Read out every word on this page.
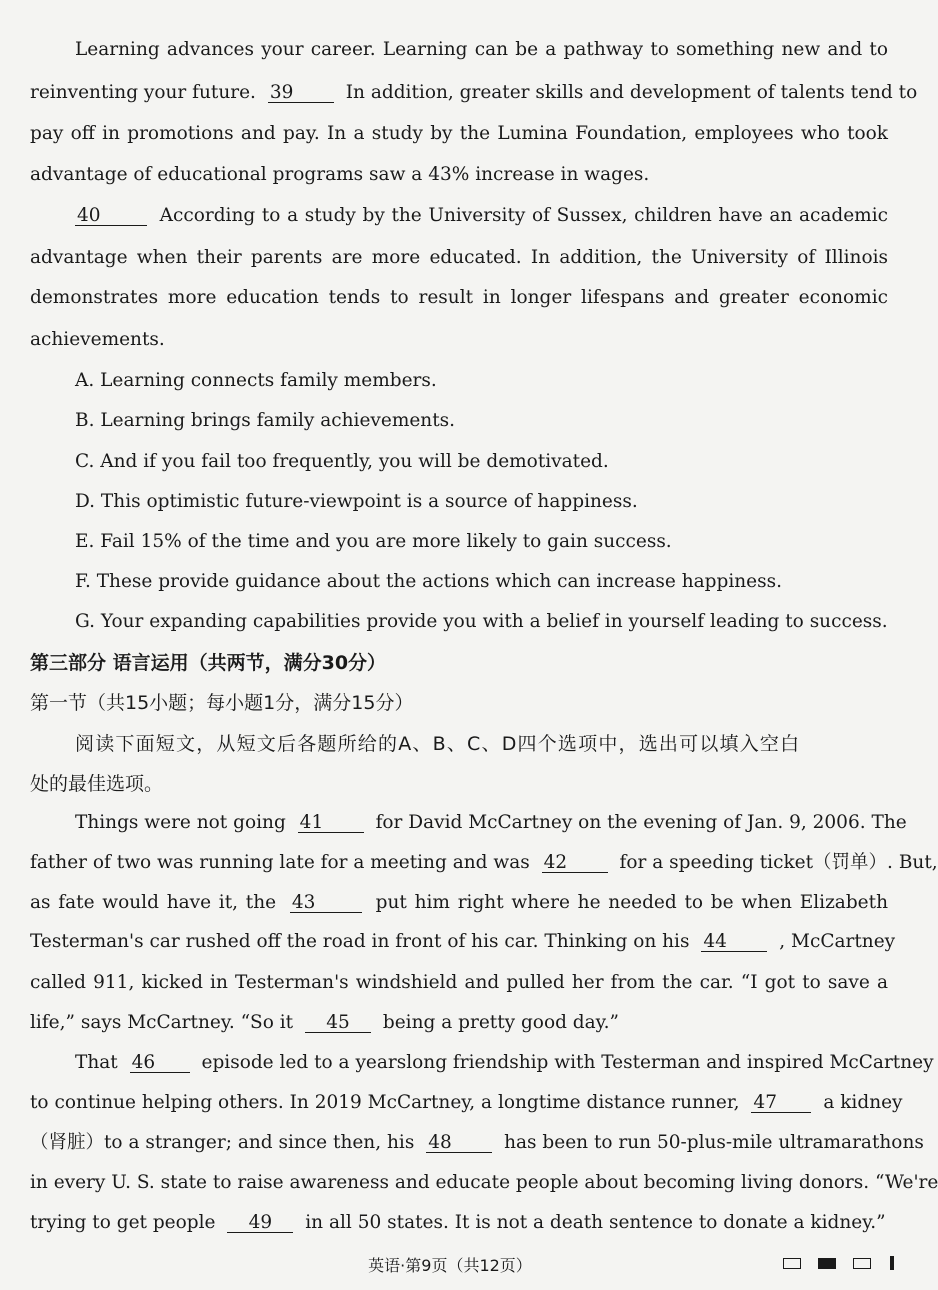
Learning advances your career. Learning can be a pathway to something new and to
reinventing your future. 39	In addition, greater skills and development of talents tend to
pay off in promotions and pay. In a study by the Lumina Foundation, employees who took
advantage of educational programs saw a 43% increase in wages.
40	According to a study by the University of Sussex, children have an academic
advantage when their parents are more educated. In addition, the University of Illinois
demonstrates more education tends to result in longer lifespans and greater economic
achievements.
A. Learning connects family members.
B. Learning brings family achievements.
C. And if you fail too frequently, you will be demotivated.
D. This optimistic future-viewpoint is a source of happiness.
E. Fail 15% of the time and you are more likely to gain success.
F. These provide guidance about the actions which can increase happiness.
G. Your expanding capabilities provide you with a belief in yourself leading to success.
第三部分 语言运用（共两节，满分30分）
第一节（共15小题；每小题1分，满分15分）
阅读下面短文，从短文后各题所给的A、B、C、D四个选项中，选出可以填入空白
处的最佳选项。
Things were not going 41	for David McCartney on the evening of Jan. 9, 2006. The
father of two was running late for a meeting and was 42	for a speeding ticket（罚单）. But,
as fate would have it, the 43	put him right where he needed to be when Elizabeth
Testerman's car rushed off the road in front of his car. Thinking on his 44	, McCartney
called 911, kicked in Testerman's windshield and pulled her from the car. “I got to save a
life,” says McCartney. “So it 45 being a pretty good day.”
That 46	episode led to a yearslong friendship with Testerman and inspired McCartney
to continue helping others. In 2019 McCartney, a longtime distance runner, 47	a kidney
（肾脏）to a stranger; and since then, his 48	has been to run 50-plus-mile ultramarathons
in every U. S. state to raise awareness and educate people about becoming living donors. “We're
trying to get people 49 in all 50 states. It is not a death sentence to donate a kidney.”
英语·第9页（共12页）
